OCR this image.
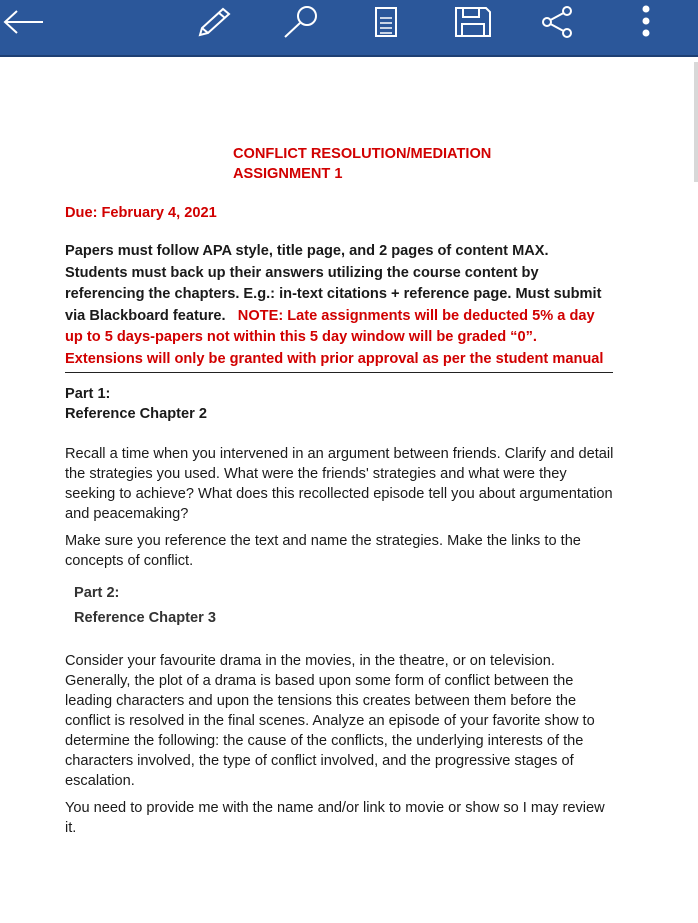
CONFLICT RESOLUTION/MEDIATION
ASSIGNMENT 1
Due: February 4, 2021
Papers must follow APA style, title page, and 2 pages of content MAX. Students must back up their answers utilizing the course content by referencing the chapters. E.g.: in-text citations + reference page. Must submit via Blackboard feature. NOTE: Late assignments will be deducted 5% a day up to 5 days-papers not within this 5 day window will be graded “0”. Extensions will only be granted with prior approval as per the student manual
Part 1:
Reference Chapter 2
Recall a time when you intervened in an argument between friends. Clarify and detail the strategies you used. What were the friends' strategies and what were they seeking to achieve? What does this recollected episode tell you about argumentation and peacemaking?
Make sure you reference the text and name the strategies. Make the links to the concepts of conflict.
Part 2:
Reference Chapter 3
Consider your favourite drama in the movies, in the theatre, or on television. Generally, the plot of a drama is based upon some form of conflict between the leading characters and upon the tensions this creates between them before the conflict is resolved in the final scenes. Analyze an episode of your favorite show to determine the following: the cause of the conflicts, the underlying interests of the characters involved, the type of conflict involved, and the progressive stages of escalation.
You need to provide me with the name and/or link to movie or show so I may review it.
